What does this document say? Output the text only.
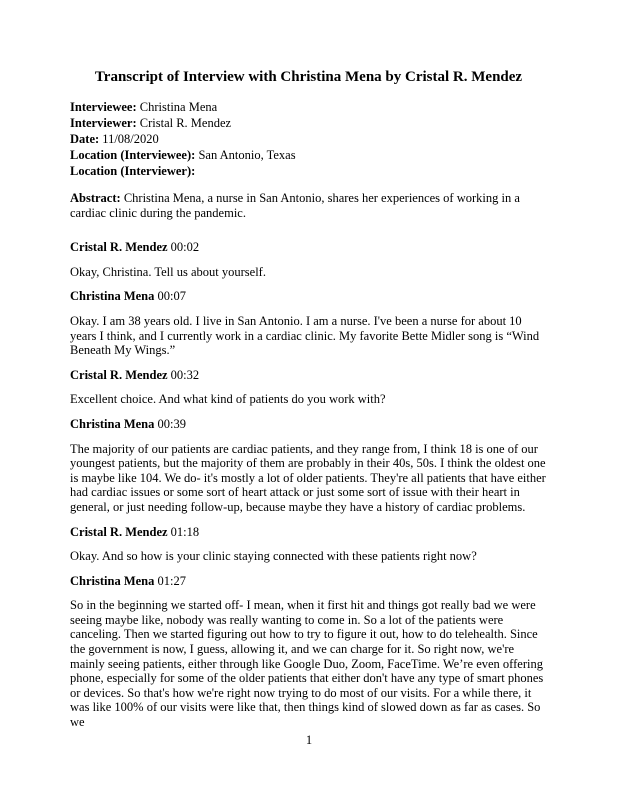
Transcript of Interview with Christina Mena by Cristal R. Mendez
Interviewee: Christina Mena
Interviewer: Cristal R. Mendez
Date: 11/08/2020
Location (Interviewee): San Antonio, Texas
Location (Interviewer):
Abstract: Christina Mena, a nurse in San Antonio, shares her experiences of working in a cardiac clinic during the pandemic.
Cristal R. Mendez 00:02
Okay, Christina. Tell us about yourself.
Christina Mena 00:07
Okay. I am 38 years old. I live in San Antonio. I am a nurse. I've been a nurse for about 10 years I think, and I currently work in a cardiac clinic. My favorite Bette Midler song is “Wind Beneath My Wings.”
Cristal R. Mendez 00:32
Excellent choice. And what kind of patients do you work with?
Christina Mena 00:39
The majority of our patients are cardiac patients, and they range from, I think 18 is one of our youngest patients, but the majority of them are probably in their 40s, 50s. I think the oldest one is maybe like 104. We do- it's mostly a lot of older patients. They're all patients that have either had cardiac issues or some sort of heart attack or just some sort of issue with their heart in general, or just needing follow-up, because maybe they have a history of cardiac problems.
Cristal R. Mendez 01:18
Okay. And so how is your clinic staying connected with these patients right now?
Christina Mena 01:27
So in the beginning we started off- I mean, when it first hit and things got really bad we were seeing maybe like, nobody was really wanting to come in. So a lot of the patients were canceling. Then we started figuring out how to try to figure it out, how to do telehealth. Since the government is now, I guess, allowing it, and we can charge for it. So right now, we're mainly seeing patients, either through like Google Duo, Zoom, FaceTime. We’re even offering phone, especially for some of the older patients that either don't have any type of smart phones or devices. So that's how we're right now trying to do most of our visits. For a while there, it was like 100% of our visits were like that, then things kind of slowed down as far as cases. So we
1
